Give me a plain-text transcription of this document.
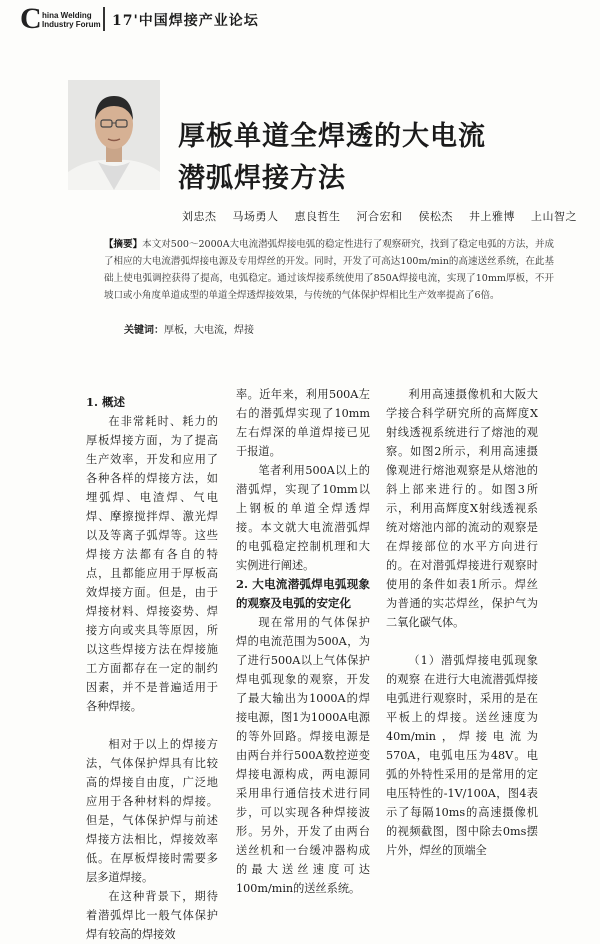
C hina Welding
Industry Forum 17'中国焊接产业论坛
厚板单道全焊透的大电流
潜弧焊接方法
刘忠杰 马场勇人 恵良哲生 河合宏和 侯松杰 井上雅博 上山智之
【摘要】本文对500～2000A大电流潜弧焊接电弧的稳定性进行了观察研究，找到了稳定电弧的方法，并成了相应的大电流潜弧焊接电源及专用焊丝的开发。同时，开发了可高达100m/min的高速送丝系统，在此基础上使电弧调控获得了提高，电弧稳定。通过该焊接系统使用了850A焊接电流，实现了10mm厚板，不开坡口或小角度单道成型的单道全焊透焊接效果，与传统的气体保护焊相比生产效率提高了6倍。
关键词：厚板，大电流，焊接
1. 概述

在非常耗时、耗力的厚板焊接方面，为了提高生产效率，开发和应用了各种各样的焊接方法，如埋弧焊、电渣焊、气电焊、摩擦搅拌焊、激光焊以及等离子弧焊等。这些焊接方法都有各自的特点，且都能应用于厚板高效焊接方面。但是，由于焊接材料、焊接姿势、焊接方向或夹具等原因，所以这些焊接方法在焊接施工方面都存在一定的制约因素，并不是普遍适用于各种焊接。

相对于以上的焊接方法，气体保护焊具有比较高的焊接自由度，广泛地应用于各种材料的焊接。但是，气体保护焊与前述焊接方法相比，焊接效率低。在厚板焊接时需要多层多道焊接。

在这种背景下，期待着潜弧焊比一般气体保护焊有较高的焊接效

率。近年来，利用500A左右的潜弧焊实现了10mm左右焊深的单道焊接已见于报道。

笔者利用500A以上的潜弧焊，实现了10mm以上钢板的单道全焊透焊接。本文就大电流潜弧焊的电弧稳定控制机理和大实例进行阐述。

2. 大电流潜弧焊电弧现象的观察及电弧的安定化

现在常用的气体保护焊的电流范围为500A，为了进行500A以上气体保护焊电弧现象的观察，开发了最大输出为1000A的焊接电源，图1为1000A电源的等外回路。焊接电源是由两台并行500A数控逆变焊接电源构成，两电源同采用串行通信技术进行同步，可以实现各种焊接波形。另外，开发了由两台送丝机和一台缓冲器构成的最大送丝速度可达100m/min的送丝系统。

利用高速摄像机和大阪大学接合科学研究所的高辉度X射线透视系统进行了熔池的观察。如图2所示，利用高速摄像观进行熔池观察是从熔池的斜上部来进行的。如图3所示，利用高辉度X射线透视系统对熔池内部的流动的观察是在焊接部位的水平方向进行的。在对潜弧焊接进行观察时使用的条件如表1所示。焊丝为普通的实芯焊丝，保护气为二氧化碳气体。

（1）潜弧焊接电弧现象的观察 在进行大电流潜弧焊接电弧进行观察时，采用的是在平板上的焊接。送丝速度为40m/min，焊接电流为570A，电弧电压为48V。电弧的外特性采用的是常用的定电压特性的-1V/100A，图4表示了每隔10ms的高速摄像机的视频截图，图中除去0ms摆片外，焊丝的顶端全
